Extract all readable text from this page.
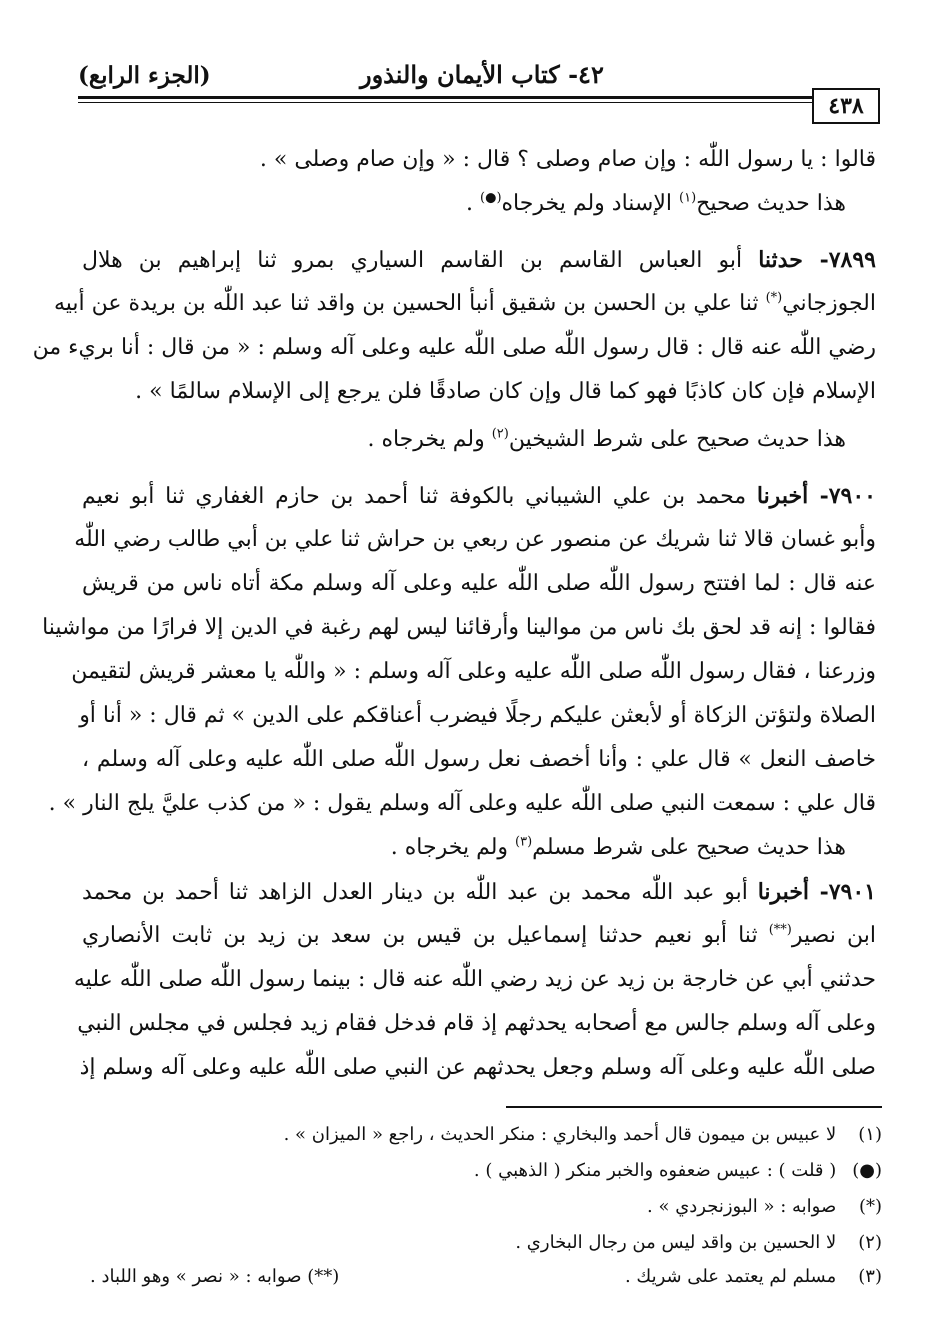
(الجزء الرابع)	٤٢- كتاب الأيمان والنذور
٤٣٨
قالوا : يا رسول اللّٰه : وإن صام وصلى ؟ قال : « وإن صام وصلى » .
هذا حديث صحيح$^{(١)}$ الإسناد ولم يخرجاه(●) .
٧٨٩٩- حدثنا أبو العباس القاسم بن القاسم السياري بمرو ثنا إبراهيم بن هلال
الجوزجاني(*) ثنا علي بن الحسن بن شقيق أنبأ الحسين بن واقد ثنا عبد اللّٰه بن بريدة عن أبيه
رضي اللّٰه عنه قال : قال رسول اللّٰه صلى اللّٰه عليه وعلى آله وسلم : « من قال : أنا بريء من
الإسلام فإن كان كاذبًا فهو كما قال وإن كان صادقًا فلن يرجع إلى الإسلام سالمًا » .
هذا حديث صحيح على شرط الشيخين$^{(٢)}$ ولم يخرجاه .
٧٩٠٠- أخبرنا محمد بن علي الشيباني بالكوفة ثنا أحمد بن حازم الغفاري ثنا أبو نعيم
وأبو غسان قالا ثنا شريك عن منصور عن ربعي بن حراش ثنا علي بن أبي طالب رضي اللّٰه
عنه قال : لما افتتح رسول اللّٰه صلى اللّٰه عليه وعلى آله وسلم مكة أتاه ناس من قريش
فقالوا : إنه قد لحق بك ناس من موالينا وأرقائنا ليس لهم رغبة في الدين إلا فرارًا من مواشينا
وزرعنا ، فقال رسول اللّٰه صلى اللّٰه عليه وعلى آله وسلم : « واللّٰه يا معشر قريش لتقيمن
الصلاة ولتؤتن الزكاة أو لأبعثن عليكم رجلًا فيضرب أعناقكم على الدين » ثم قال : « أنا أو
خاصف النعل » قال علي : وأنا أخصف نعل رسول اللّٰه صلى اللّٰه عليه وعلى آله وسلم ،
قال علي : سمعت النبي صلى اللّٰه عليه وعلى آله وسلم يقول : « من كذب عليَّ يلج النار » .
هذا حديث صحيح على شرط مسلم$^{(٣)}$ ولم يخرجاه .
٧٩٠١- أخبرنا أبو عبد اللّٰه محمد بن عبد اللّٰه بن دينار العدل الزاهد ثنا أحمد بن محمد
ابن نصير(**) ثنا أبو نعيم حدثنا إسماعيل بن قيس بن سعد بن زيد بن ثابت الأنصاري
حدثني أبي عن خارجة بن زيد عن زيد رضي اللّٰه عنه قال : بينما رسول اللّٰه صلى اللّٰه عليه
وعلى آله وسلم جالس مع أصحابه يحدثهم إذ قام فدخل فقام زيد فجلس في مجلس النبي
صلى اللّٰه عليه وعلى آله وسلم وجعل يحدثهم عن النبي صلى اللّٰه عليه وعلى آله وسلم إذ
(١) لا عبيس بن ميمون قال أحمد والبخاري : منكر الحديث ، راجع « الميزان » .
(●) ( قلت ) : عبيس ضعفوه والخبر منكر ( الذهبي ) .
(*) صوابه : « البوزنجردي » .
(٢) لا الحسين بن واقد ليس من رجال البخاري .
(٣) مسلم لم يعتمد على شريك .
(**) صوابه : « نصر » وهو اللباد .
